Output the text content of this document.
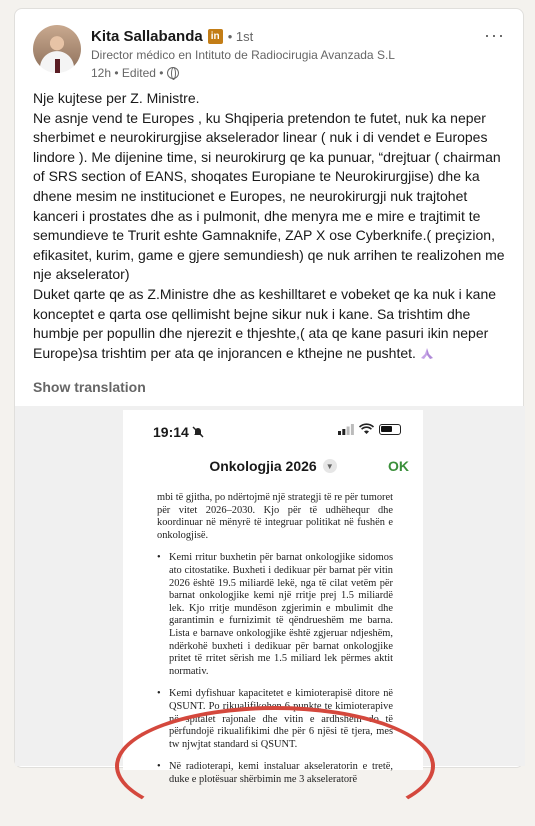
Kita Sallabanda in • 1st
Director médico en Intituto de Radiocirugia Avanzada S.L
12h • Edited •
···

Nje kujtese per Z. Ministre.

Ne asnje vend te Europes , ku Shqiperia pretendon te futet, nuk ka neper sherbimet e neurokirurgjise akselerador linear ( nuk i di vendet e Europes lindore ). Me dijenine time, si neurokirurg qe ka punuar, “drejtuar ( chairman of SRS section of EANS, shoqates Europiane te Neurokirurgjise) dhe ka dhene mesim ne institucionet e Europes, ne neurokirurgji nuk trajtohet kanceri i prostates dhe as i pulmonit, dhe menyra me e mire e trajtimit te semundieve te Trurit eshte Gamnaknife, ZAP X ose Cyberknife.( preçizion, efikasitet, kurim, game e gjere semundiesh) qe nuk arrihen te realizohen me nje akselerator)

Duket qarte qe as Z.Ministre dhe as keshilltaret e vobeket qe ka nuk i kane konceptet e qarta ose qellimisht bejne sikur nuk i kane. Sa trishtim dhe humbje per popullin dhe njerezit e thjeshte,( ata qe kane pasuri ikin neper Europe)sa trishtim per ata qe injorancen e kthejne ne pushtet.

Show translation
19:14
Onkologjia 2026	▼	OK

mbi të gjitha, po ndërtojmë një strategji të re për tumoret për vitet 2026–2030. Kjo për të udhëhequr dhe koordinuar në mënyrë të integruar politikat në fushën e onkologjisë.

• Kemi rritur buxhetin për barnat onkologjike sidomos ato citostatike. Buxheti i dedikuar për barnat për vitin 2026 është 19.5 miliardë lekë, nga të cilat vetëm për barnat onkologjike kemi një rritje prej 1.5 miliardë lek. Kjo rritje mundëson zgjerimin e mbulimit dhe garantimin e furnizimit të qëndrueshëm me barna. Lista e barnave onkologjike është zgjeruar ndjeshëm, ndërkohë buxheti i dedikuar për barnat onkologjike pritet të rritet sërish me 1.5 miliard lek përmes aktit normativ.
• Kemi dyfishuar kapacitetet e kimioterapisë ditore në QSUNT. Po rikualifikohen 6 punkte te kimioterapive në spitalet rajonale dhe vitin e ardhshëm do të përfundojë rikualifikimi dhe për 6 njësi të tjera, mes tw njwjtat standard si QSUNT.
• Në radioterapi, kemi instaluar akseleratorin e tretë, duke e plotësuar shërbimin me 3 akseleratorë
